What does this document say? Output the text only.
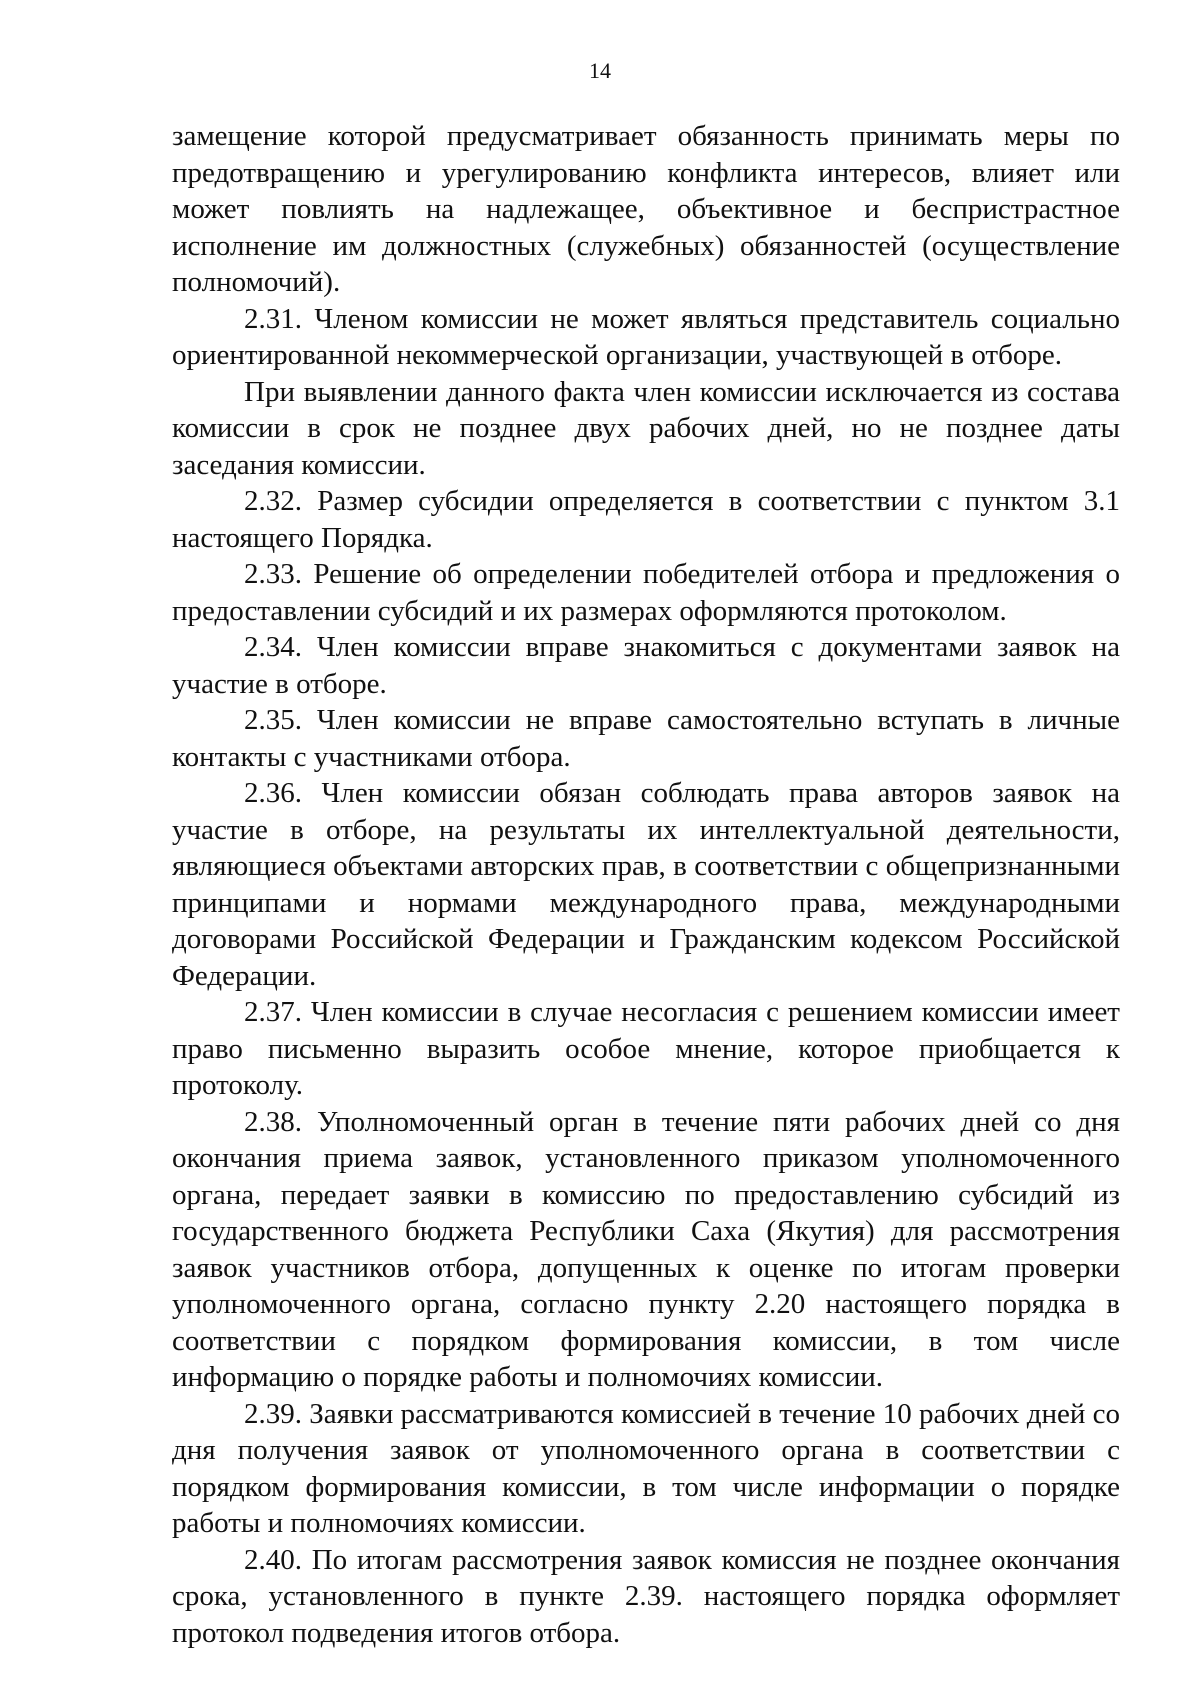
14

замещение которой предусматривает обязанность принимать меры по предотвращению и урегулированию конфликта интересов, влияет или может повлиять на надлежащее, объективное и беспристрастное исполнение им должностных (служебных) обязанностей (осуществление полномочий).

2.31. Членом комиссии не может являться представитель социально ориентированной некоммерческой организации, участвующей в отборе.

При выявлении данного факта член комиссии исключается из состава комиссии в срок не позднее двух рабочих дней, но не позднее даты заседания комиссии.

2.32. Размер субсидии определяется в соответствии с пунктом 3.1 настоящего Порядка.

2.33. Решение об определении победителей отбора и предложения о предоставлении субсидий и их размерах оформляются протоколом.

2.34. Член комиссии вправе знакомиться с документами заявок на участие в отборе.

2.35. Член комиссии не вправе самостоятельно вступать в личные контакты с участниками отбора.

2.36. Член комиссии обязан соблюдать права авторов заявок на участие в отборе, на результаты их интеллектуальной деятельности, являющиеся объектами авторских прав, в соответствии с общепризнанными принципами и нормами международного права, международными договорами Российской Федерации и Гражданским кодексом Российской Федерации.

2.37. Член комиссии в случае несогласия с решением комиссии имеет право письменно выразить особое мнение, которое приобщается к протоколу.

2.38. Уполномоченный орган в течение пяти рабочих дней со дня окончания приема заявок, установленного приказом уполномоченного органа, передает заявки в комиссию по предоставлению субсидий из государственного бюджета Республики Саха (Якутия) для рассмотрения заявок участников отбора, допущенных к оценке по итогам проверки уполномоченного органа, согласно пункту 2.20 настоящего порядка в соответствии с порядком формирования комиссии, в том числе информацию о порядке работы и полномочиях комиссии.

2.39. Заявки рассматриваются комиссией в течение 10 рабочих дней со дня получения заявок от уполномоченного органа в соответствии с порядком формирования комиссии, в том числе информации о порядке работы и полномочиях комиссии.

2.40. По итогам рассмотрения заявок комиссия не позднее окончания срока, установленного в пункте 2.39. настоящего порядка оформляет протокол подведения итогов отбора.
